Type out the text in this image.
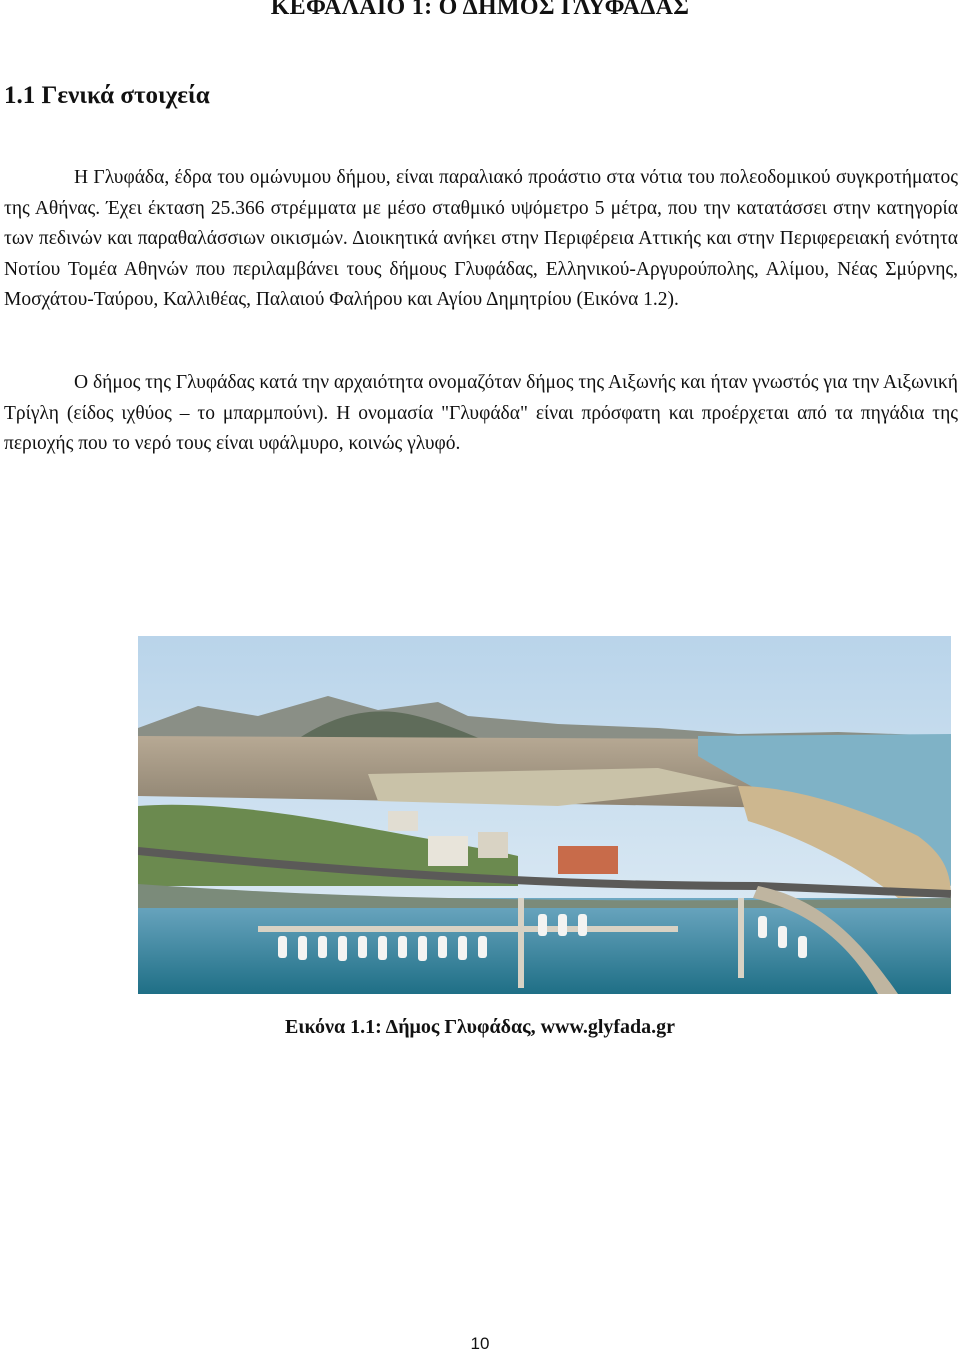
ΚΕΦΑΛΑΙΟ 1: Ο ΔΗΜΟΣ ΓΛΥΦΑΔΑΣ
1.1 Γενικά στοιχεία

Η Γλυφάδα, έδρα του ομώνυμου δήμου, είναι παραλιακό προάστιο στα νότια του πολεοδομικού συγκροτήματος της Αθήνας. Έχει έκταση 25.366 στρέμματα με μέσο σταθμικό υψόμετρο 5 μέτρα, που την κατατάσσει στην κατηγορία των πεδινών και παραθαλάσσιων οικισμών. Διοικητικά ανήκει στην Περιφέρεια Αττικής και στην Περιφερειακή ενότητα Νοτίου Τομέα Αθηνών που περιλαμβάνει τους δήμους Γλυφάδας, Ελληνικού-Αργυρούπολης, Αλίμου, Νέας Σμύρνης, Μοσχάτου-Ταύρου, Καλλιθέας, Παλαιού Φαλήρου και Αγίου Δημητρίου (Εικόνα 1.2).

Ο δήμος της Γλυφάδας κατά την αρχαιότητα ονομαζόταν δήμος της Αιξωνής και ήταν γνωστός για την Αιξωνική Τρίγλη (είδος ιχθύος – το μπαρμπούνι). Η ονομασία "Γλυφάδα" είναι πρόσφατη και προέρχεται από τα πηγάδια της περιοχής που το νερό τους είναι υφάλμυρο, κοινώς γλυφό.

Εικόνα 1.1: Δήμος Γλυφάδας, www.glyfada.gr

10
